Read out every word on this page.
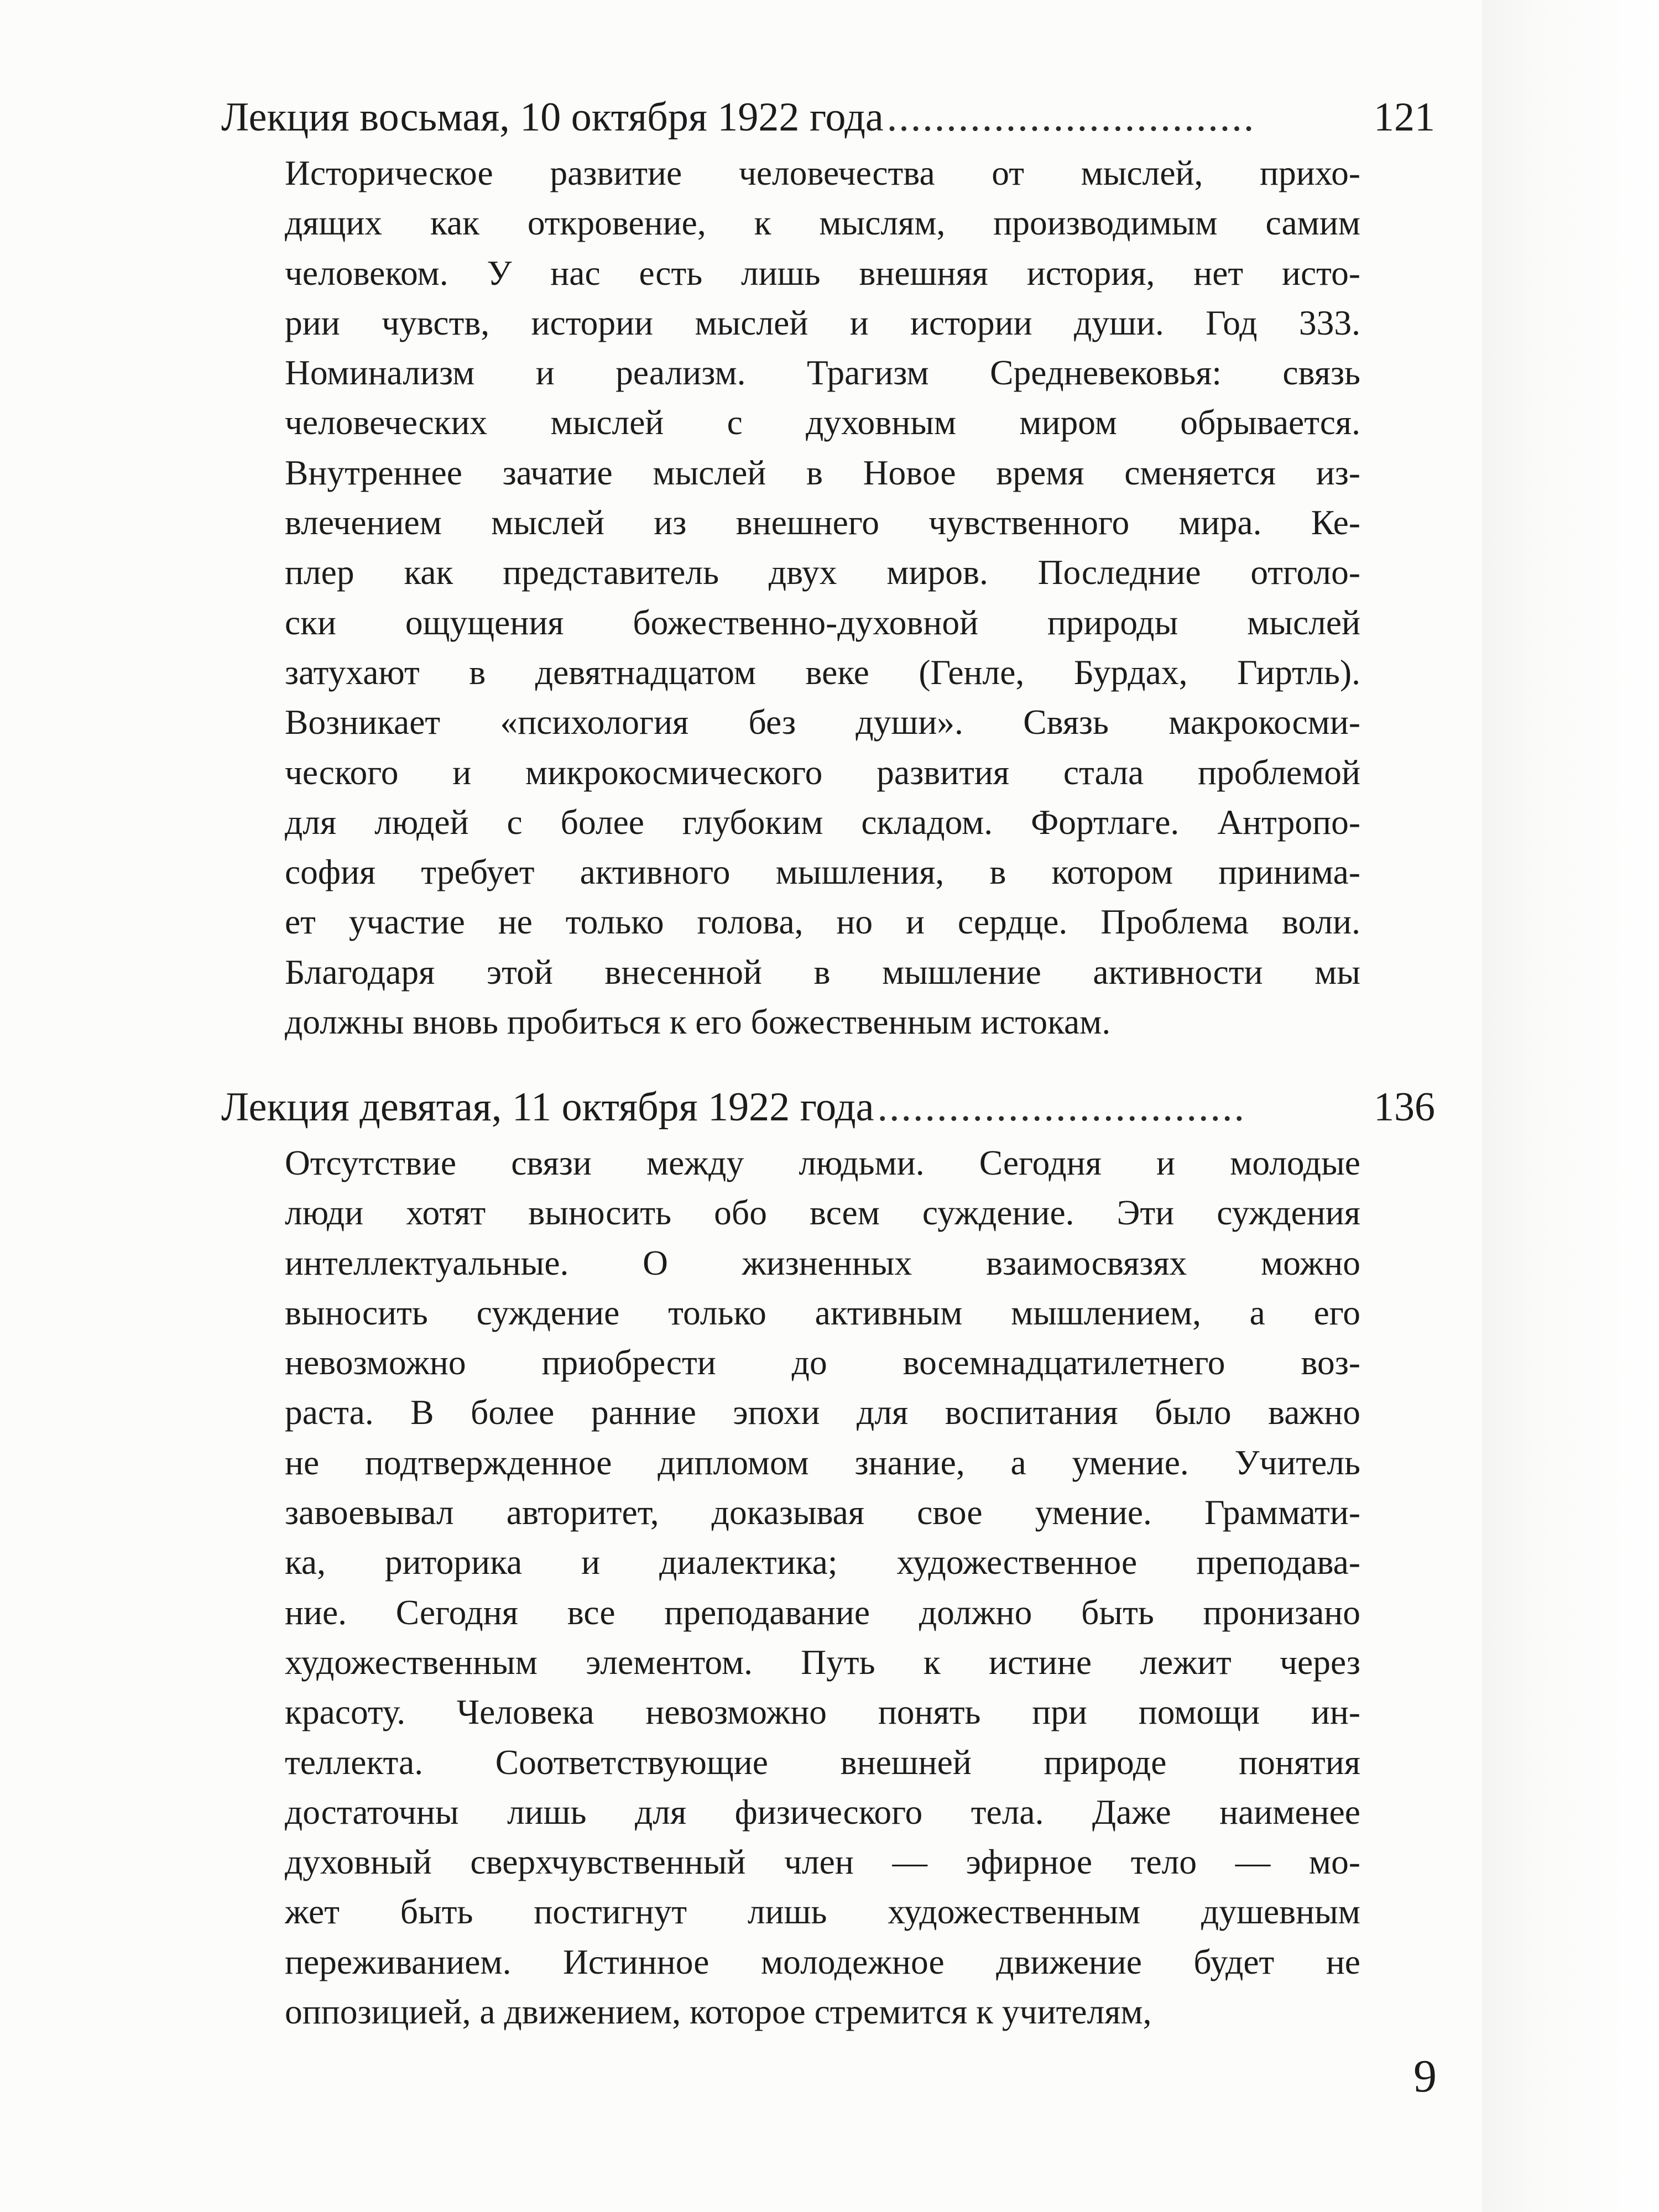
Лекция восьмая, 10 октября 1922 года ...............................	121
Историческое развитие человечества от мыслей, прихо-
дящих как откровение, к мыслям, производимым самим
человеком. У нас есть лишь внешняя история, нет исто-
рии чувств, истории мыслей и истории души. Год 333.
Номинализм и реализм. Трагизм Средневековья: связь
человеческих мыслей с духовным миром обрывается.
Внутреннее зачатие мыслей в Новое время сменяется из-
влечением мыслей из внешнего чувственного мира. Ке-
плер как представитель двух миров. Последние отголо-
ски ощущения божественно-духовной природы мыслей
затухают в девятнадцатом веке (Генле, Бурдах, Гиртль).
Возникает «психология без души». Связь макрокосми-
ческого и микрокосмического развития стала проблемой
для людей с более глубоким складом. Фортлаге. Антропо-
софия требует активного мышления, в котором принима-
ет участие не только голова, но и сердце. Проблема воли.
Благодаря этой внесенной в мышление активности мы
должны вновь пробиться к его божественным истокам.
Лекция девятая, 11 октября 1922 года ...............................	136
Отсутствие связи между людьми. Сегодня и молодые
люди хотят выносить обо всем суждение. Эти суждения
интеллектуальные. О жизненных взаимосвязях можно
выносить суждение только активным мышлением, а его
невозможно приобрести до восемнадцатилетнего воз-
раста. В более ранние эпохи для воспитания было важно
не подтвержденное дипломом знание, а умение. Учитель
завоевывал авторитет, доказывая свое умение. Граммати-
ка, риторика и диалектика; художественное преподава-
ние. Сегодня все преподавание должно быть пронизано
художественным элементом. Путь к истине лежит через
красоту. Человека невозможно понять при помощи ин-
теллекта. Соответствующие внешней природе понятия
достаточны лишь для физического тела. Даже наименее
духовный сверхчувственный член — эфирное тело — мо-
жет быть постигнут лишь художественным душевным
переживанием. Истинное молодежное движение будет не
оппозицией, а движением, которое стремится к учителям,
9
